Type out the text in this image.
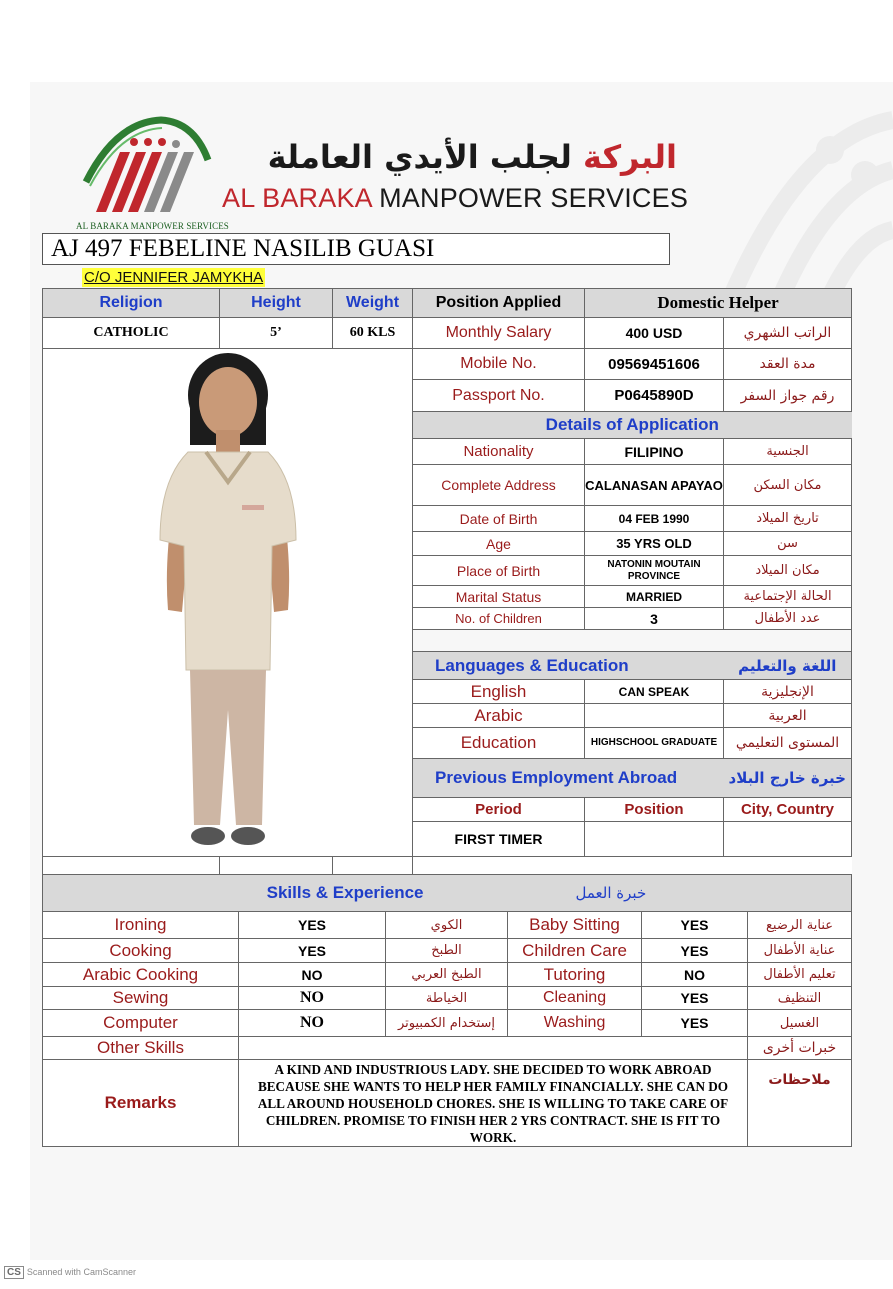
AL BARAKA MANPOWER SERVICES
البركة لجلب الأيدي العاملة
AL BARAKA MANPOWER SERVICES
AJ 497 FEBELINE NASILIB GUASI
C/O JENNIFER JAMYKHA
Religion	Height	Weight	Position Applied	Domestic Helper	
CATHOLIC	5’	60 KLS	Monthly Salary	400 USD	الراتب الشهري
	Mobile No.	09569451606	مدة العقد
			Passport No.	P0645890D	رقم جواز السفر
			Details of Application		
			Nationality	FILIPINO	الجنسية
			Complete Address	CALANASAN APAYAO	مكان السكن
			Date of Birth	04 FEB 1990	تاريخ الميلاد
			Age	35 YRS OLD	سن
			Place of Birth	NATONIN MOUTAIN PROVINCE	مكان الميلاد
			Marital Status	MARRIED	الحالة الإجتماعية
			No. of Children	3	عدد الأطفال

			Languages & Education		اللغة والتعليم
			English	CAN SPEAK	الإنجليزية
			Arabic		العربية
			Education	HIGHSCHOOL GRADUATE	المستوى التعليمي
			Previous Employment Abroad		خبرة خارج البلاد
			Period	Position	City, Country
			FIRST TIMER		

Skills & Experience			خبرة العمل		
Ironing	YES	الكوي	Baby Sitting	YES	عناية الرضيع
Cooking	YES	الطبخ	Children Care	YES	عناية الأطفال
Arabic Cooking	NO	الطبخ العربي	Tutoring	NO	تعليم الأطفال
Sewing	NO	الخياطة	Cleaning	YES	التنظيف
Computer	NO	إستخدام الكمبيوتر	Washing	YES	الغسيل
Other Skills					خبرات أخرى
Remarks	A KIND AND INDUSTRIOUS LADY. SHE DECIDED TO WORK ABROAD BECAUSE SHE WANTS TO HELP HER FAMILY FINANCIALLY. SHE CAN DO ALL AROUND HOUSEHOLD CHORES. SHE IS WILLING TO TAKE CARE OF CHILDREN. PROMISE TO FINISH HER 2 YRS CONTRACT. SHE IS FIT TO WORK.				ملاحظات
CS Scanned with CamScanner
